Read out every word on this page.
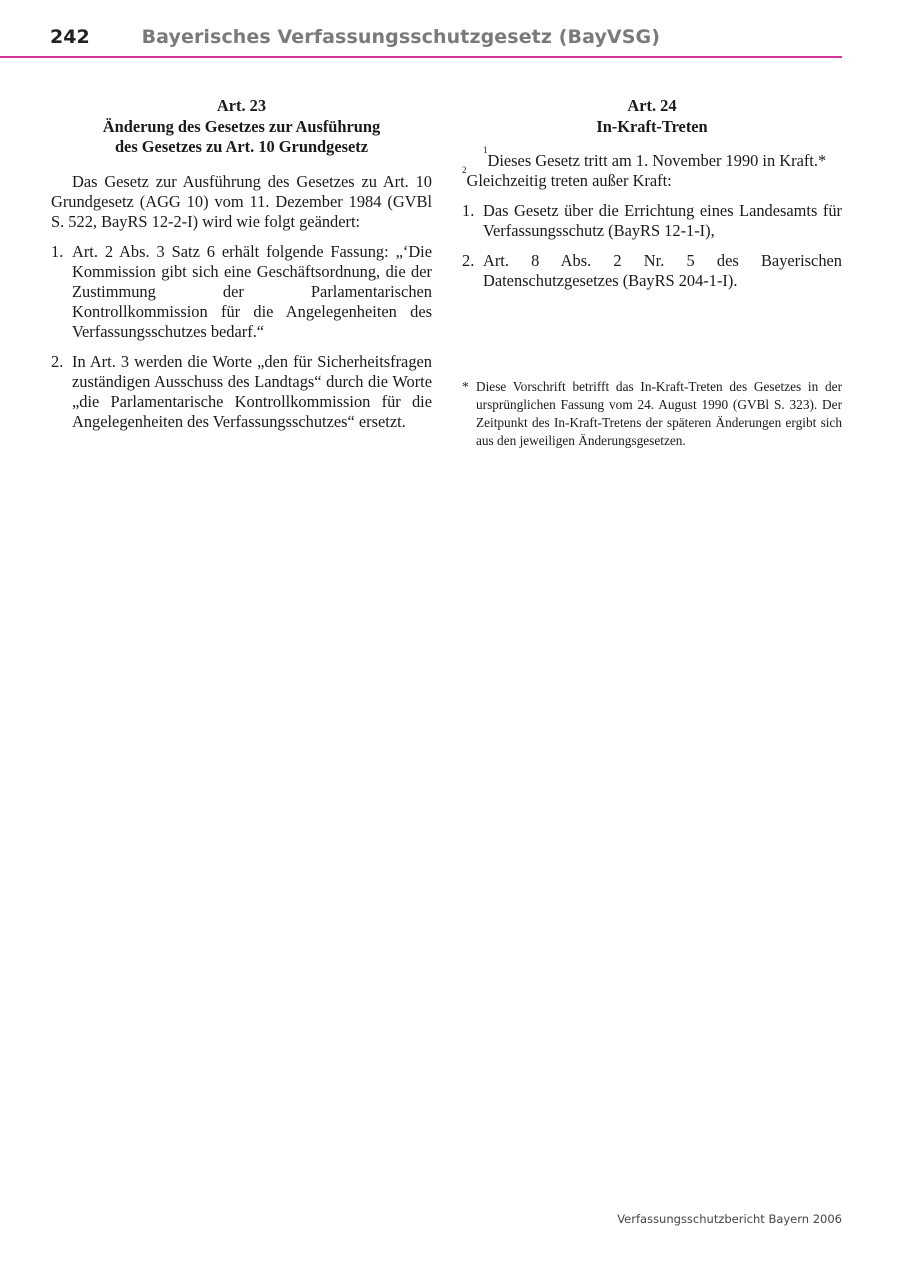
242	Bayerisches Verfassungsschutzgesetz (BayVSG)

Art. 23

Änderung des Gesetzes zur Ausführung

des Gesetzes zu Art. 10 Grundgesetz

Das Gesetz zur Ausführung des Gesetzes zu Art. 10 Grundgesetz (AGG 10) vom 11. Dezember 1984 (GVBl S. 522, BayRS 12-2-I) wird wie folgt geändert:

1. Art. 2 Abs. 3 Satz 6 erhält folgende Fassung: „‘Die Kommission gibt sich eine Geschäftsordnung, die der Zustimmung der Parlamentarischen Kontrollkommission für die Angelegenheiten des Verfassungsschutzes bedarf.“
2. In Art. 3 werden die Worte „den für Sicherheitsfragen zuständigen Ausschuss des Landtags“ durch die Worte „die Parlamentarische Kontrollkommission für die Angelegenheiten des Verfassungsschutzes“ ersetzt.

Art. 24

In-Kraft-Treten

$^1$Dieses Gesetz tritt am 1. November 1990 in Kraft.*

$^2$Gleichzeitig treten außer Kraft:

1. Das Gesetz über die Errichtung eines Landesamts für Verfassungsschutz (BayRS 12-1-I),
2. Art. 8 Abs. 2 Nr. 5 des Bayerischen Datenschutzgesetzes (BayRS 204-1-I).
* Diese Vorschrift betrifft das In-Kraft-Treten des Gesetzes in der ursprünglichen Fassung vom 24. August 1990 (GVBl S. 323). Der Zeitpunkt des In-Kraft-Tretens der späteren Änderungen ergibt sich aus den jeweiligen Änderungsgesetzen.
Verfassungsschutzbericht Bayern 2006
